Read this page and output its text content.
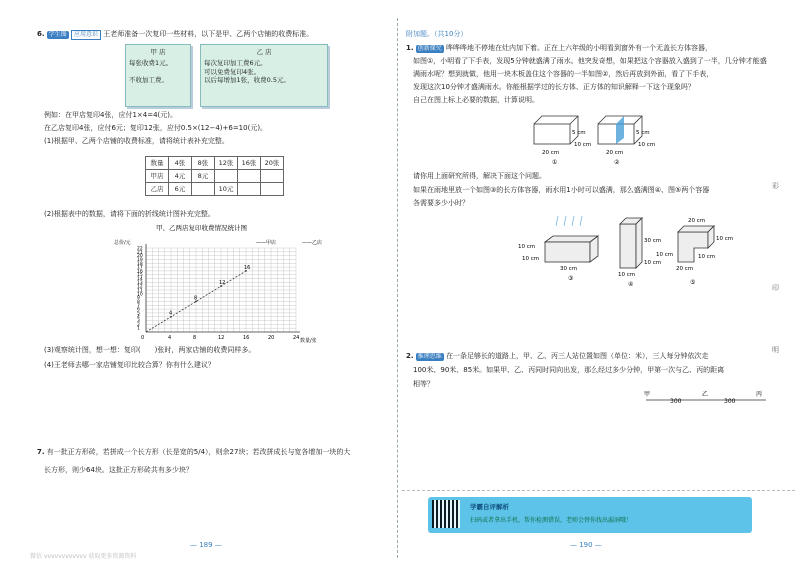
6. 学生图 应用意识 王老师准备一次复印一些材料，以下是甲、乙两个店铺的收费标准。
甲 店
每张收费1元。
不收加工费。
乙 店
每次复印加工费6元。
可以免费复印4张。
以后每增加1张，收费0.5元。
例如：在甲店复印4张，应付1×4=4(元)。
在乙店复印4张，应付6元；复印12张，应付0.5×(12−4)+6=10(元)。
(1)根据甲、乙两个店铺的收费标准，请将统计表补充完整。
数量	4张	8张	12张	16张	20张
甲店	4元	8元			
乙店	6元		10元		
(2)根据表中的数据，请将下面的折线统计图补充完整。
甲、乙两店复印收费情况统计图
——甲店	——乙店
总价/元
数量/张
1
2
3
4
5
6
7
8
9
10
11
12
13
14
15
16
17
18
19
20
21
22
0	4	8	12	16	20	24
4
8
12
16
(3)观察统计图，想一想：复印(　　)张时，两家店铺的收费同样多。
(4)王老师去哪一家店铺复印比较合算？你有什么建议？
7. 有一批正方形砖，若拼成一个长方形（长是宽的5/4），则余27块；若改拼成长与宽各增加一块的大
长方形，则少64块。这批正方形砖共有多少块？
— 189 —
微信 vvvvvvvvvvvv 获取更多资源资料
附加题。（共10分）
1. 创新探究 哗哗哗地不停地在灶内加下着。正在上六年级的小明看到窗外有一个无盖长方体容器，
如图①，小明看了下手表，发现5分钟就盛满了雨水。他突发奇想，如果把这个容器放入盛到了一半，几分钟才能盛
满雨水呢？想到就做，他用一块木板盖住这个容器的一半如图②，然后再放到外面，看了下手表，
发现这次10分钟才盛满雨水。你能根据学过的长方体、正方体的知识解释一下这个现象吗？
自己在图上标上必要的数据，计算说明。
5 cm
10 cm
20 cm
①
5 cm
10 cm
20 cm
②
请你用上面研究所得，解决下面这个问题。
如果在雨地里放一个如图③的长方体容器，雨水用1小时可以盛满，那么盛满图④、图⑤两个容器
各需要多少小时？
10 cm
10 cm
30 cm
③
30 cm
10 cm
10 cm
④
20 cm
10 cm
10 cm
20 cm
10 cm
⑤
2. 推理思维 在一条足够长的道路上，甲、乙、丙三人站位置如图（单位：米），三人每分钟依次走
100米、90米、85米。如果甲、乙、丙同时同向出发，那么经过多少分钟，甲第一次与乙、丙的距离
相等？
甲
300
乙
300
丙
— 190 —
彩
印
明
学霸自评解析
扫码或者拿出手机，帮你检测错误，老师会替你找出漏洞哦！
